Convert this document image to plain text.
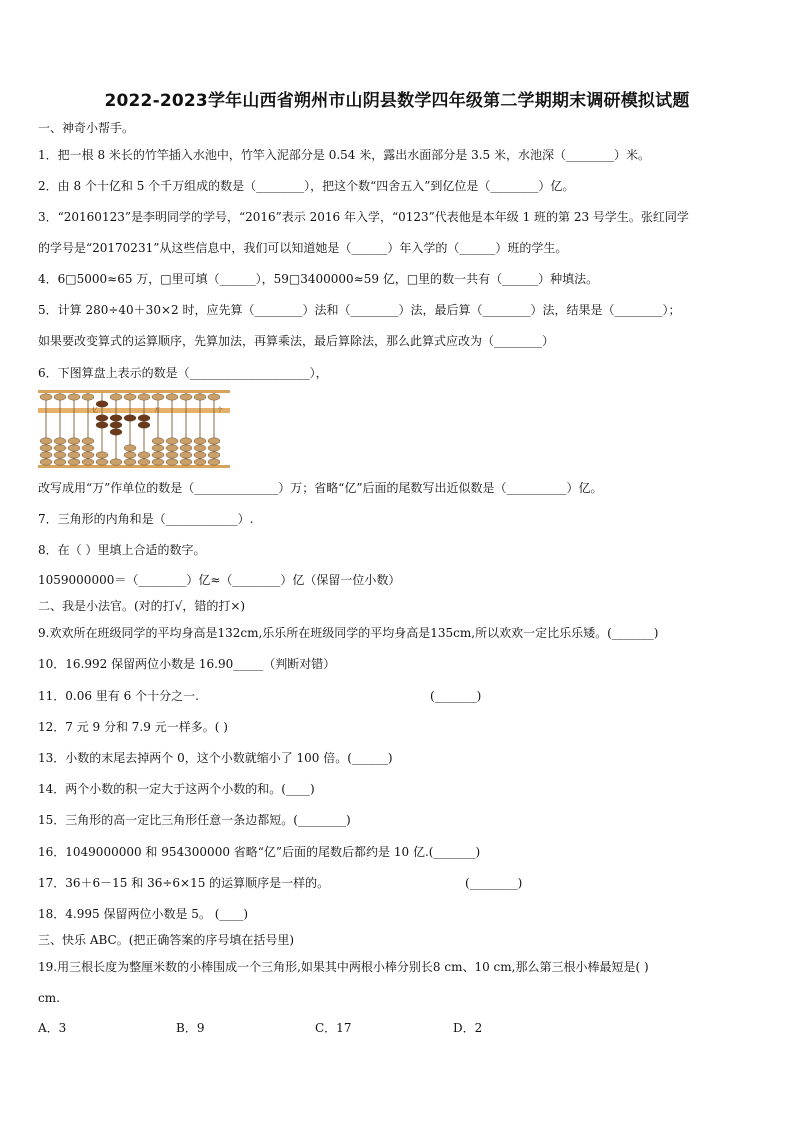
2022-2023学年山西省朔州市山阴县数学四年级第二学期期末调研模拟试题
一、神奇小帮手。
1．把一根 8 米长的竹竿插入水池中，竹竿入泥部分是 0.54 米，露出水面部分是 3.5 米，水池深（________）米。
2．由 8 个十亿和 5 个千万组成的数是（________），把这个数“四舍五入”到亿位是（________）亿。
3．“20160123”是李明同学的学号，“2016”表示 2016 年入学，“0123”代表他是本年级 1 班的第 23 号学生。张红同学
的学号是“20170231”从这些信息中，我们可以知道她是（______）年入学的（______）班的学生。
4．6□5000≈65 万，□里可填（______），59□3400000≈59 亿，□里的数一共有（______）种填法。
5．计算 280÷40＋30×2 时，应先算（________）法和（________）法，最后算（________）法，结果是（________）；
如果要改变算式的运算顺序，先算加法，再算乘法，最后算除法，那么此算式应改为（________）
6．下图算盘上表示的数是（____________________），
亿	万	个
改写成用“万”作单位的数是（______________）万；省略“亿”后面的尾数写出近似数是（__________）亿。
7．三角形的内角和是（____________）.
8．在（ ）里填上合适的数字。
1059000000＝（________）亿≈（________）亿（保留一位小数）
二、我是小法官。(对的打√，错的打×)
9.欢欢所在班级同学的平均身高是132cm,乐乐所在班级同学的平均身高是135cm,所以欢欢一定比乐乐矮。(_______)
10．16.992 保留两位小数是 16.90_____（判断对错）
11．0.06 里有 6 个十分之一.	(_______)
12．7 元 9 分和 7.9 元一样多。( )
13．小数的末尾去掉两个 0，这个小数就缩小了 100 倍。(______)
14．两个小数的积一定大于这两个小数的和。(____)
15．三角形的高一定比三角形任意一条边都短。(________)
16．1049000000 和 954300000 省略“亿”后面的尾数后都约是 10 亿.(_______)
17．36＋6－15 和 36÷6×15 的运算顺序是一样的。	(________)
18．4.995 保留两位小数是 5。 (____)
三、快乐 ABC。(把正确答案的序号填在括号里)
19.用三根长度为整厘米数的小棒围成一个三角形,如果其中两根小棒分别长8 cm、10 cm,那么第三根小棒最短是( )
cm.
A．3	B．9	C．17	D．2
